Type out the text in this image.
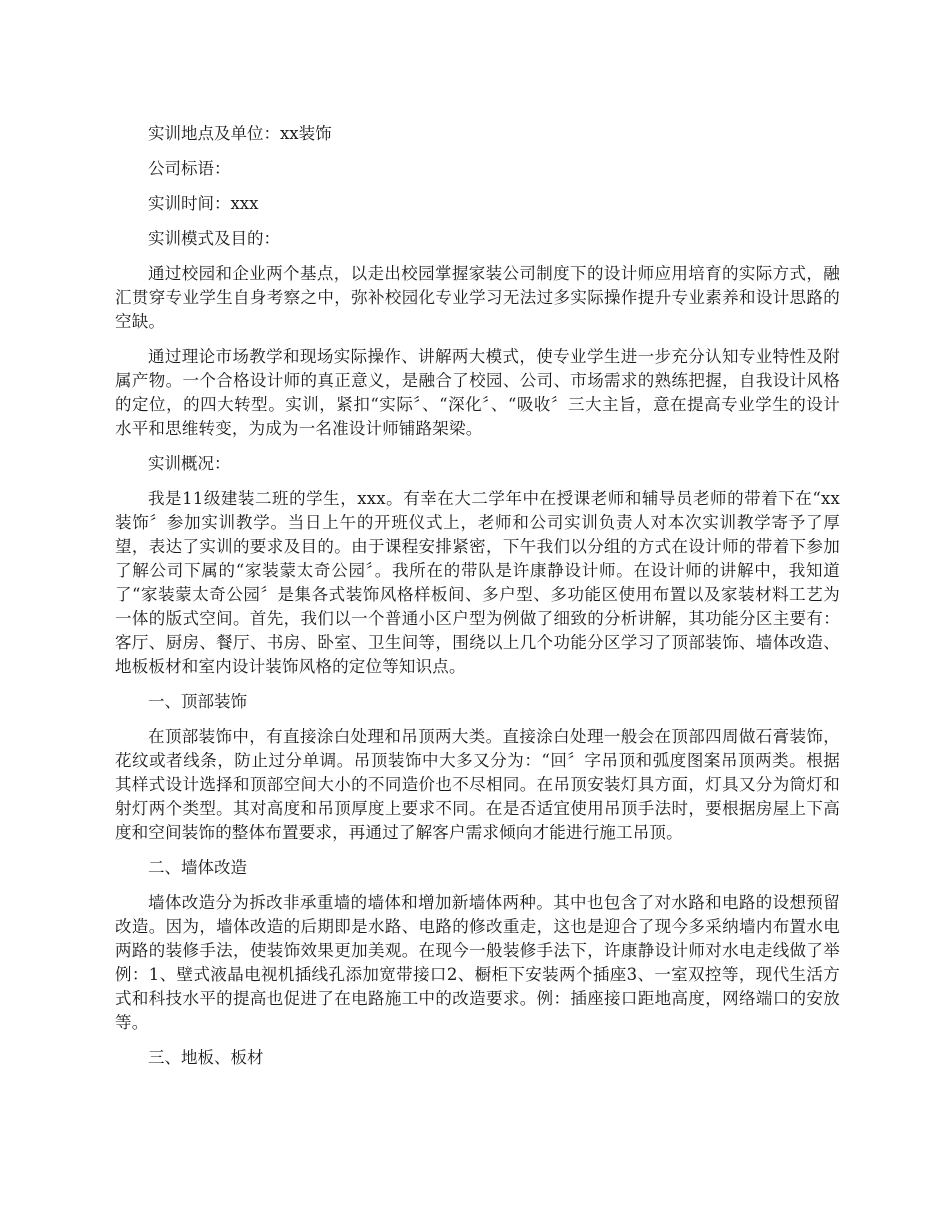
实训地点及单位：xx装饰

公司标语：

实训时间：xxx

实训模式及目的：

通过校园和企业两个基点，以走出校园掌握家装公司制度下的设计师应用培育的实际方式，融汇贯穿专业学生自身考察之中，弥补校园化专业学习无法过多实际操作提升专业素养和设计思路的空缺。

通过理论市场教学和现场实际操作、讲解两大模式，使专业学生进一步充分认知专业特性及附属产物。一个合格设计师的真正意义，是融合了校园、公司、市场需求的熟练把握，自我设计风格的定位，的四大转型。实训，紧扣“实际〞、“深化〞、“吸收〞三大主旨，意在提高专业学生的设计水平和思维转变，为成为一名准设计师铺路架梁。

实训概况：

我是11级建装二班的学生，xxx。有幸在大二学年中在授课老师和辅导员老师的带着下在“xx装饰〞参加实训教学。当日上午的开班仪式上，老师和公司实训负责人对本次实训教学寄予了厚望，表达了实训的要求及目的。由于课程安排紧密，下午我们以分组的方式在设计师的带着下参加了解公司下属的“家装蒙太奇公园〞。我所在的带队是许康静设计师。在设计师的讲解中，我知道了“家装蒙太奇公园〞是集各式装饰风格样板间、多户型、多功能区使用布置以及家装材料工艺为一体的版式空间。首先，我们以一个普通小区户型为例做了细致的分析讲解，其功能分区主要有：客厅、厨房、餐厅、书房、卧室、卫生间等，围绕以上几个功能分区学习了顶部装饰、墙体改造、地板板材和室内设计装饰风格的定位等知识点。

一、顶部装饰

在顶部装饰中，有直接涂白处理和吊顶两大类。直接涂白处理一般会在顶部四周做石膏装饰，花纹或者线条，防止过分单调。吊顶装饰中大多又分为：“回〞字吊顶和弧度图案吊顶两类。根据其样式设计选择和顶部空间大小的不同造价也不尽相同。在吊顶安装灯具方面，灯具又分为筒灯和射灯两个类型。其对高度和吊顶厚度上要求不同。在是否适宜使用吊顶手法时，要根据房屋上下高度和空间装饰的整体布置要求，再通过了解客户需求倾向才能进行施工吊顶。

二、墙体改造

墙体改造分为拆改非承重墙的墙体和增加新墙体两种。其中也包含了对水路和电路的设想预留改造。因为，墙体改造的后期即是水路、电路的修改重走，这也是迎合了现今多采纳墙内布置水电两路的装修手法，使装饰效果更加美观。在现今一般装修手法下，许康静设计师对水电走线做了举例：1、壁式液晶电视机插线孔添加宽带接口2、橱柜下安装两个插座3、一室双控等，现代生活方式和科技水平的提高也促进了在电路施工中的改造要求。例：插座接口距地高度，网络端口的安放等。

三、地板、板材
